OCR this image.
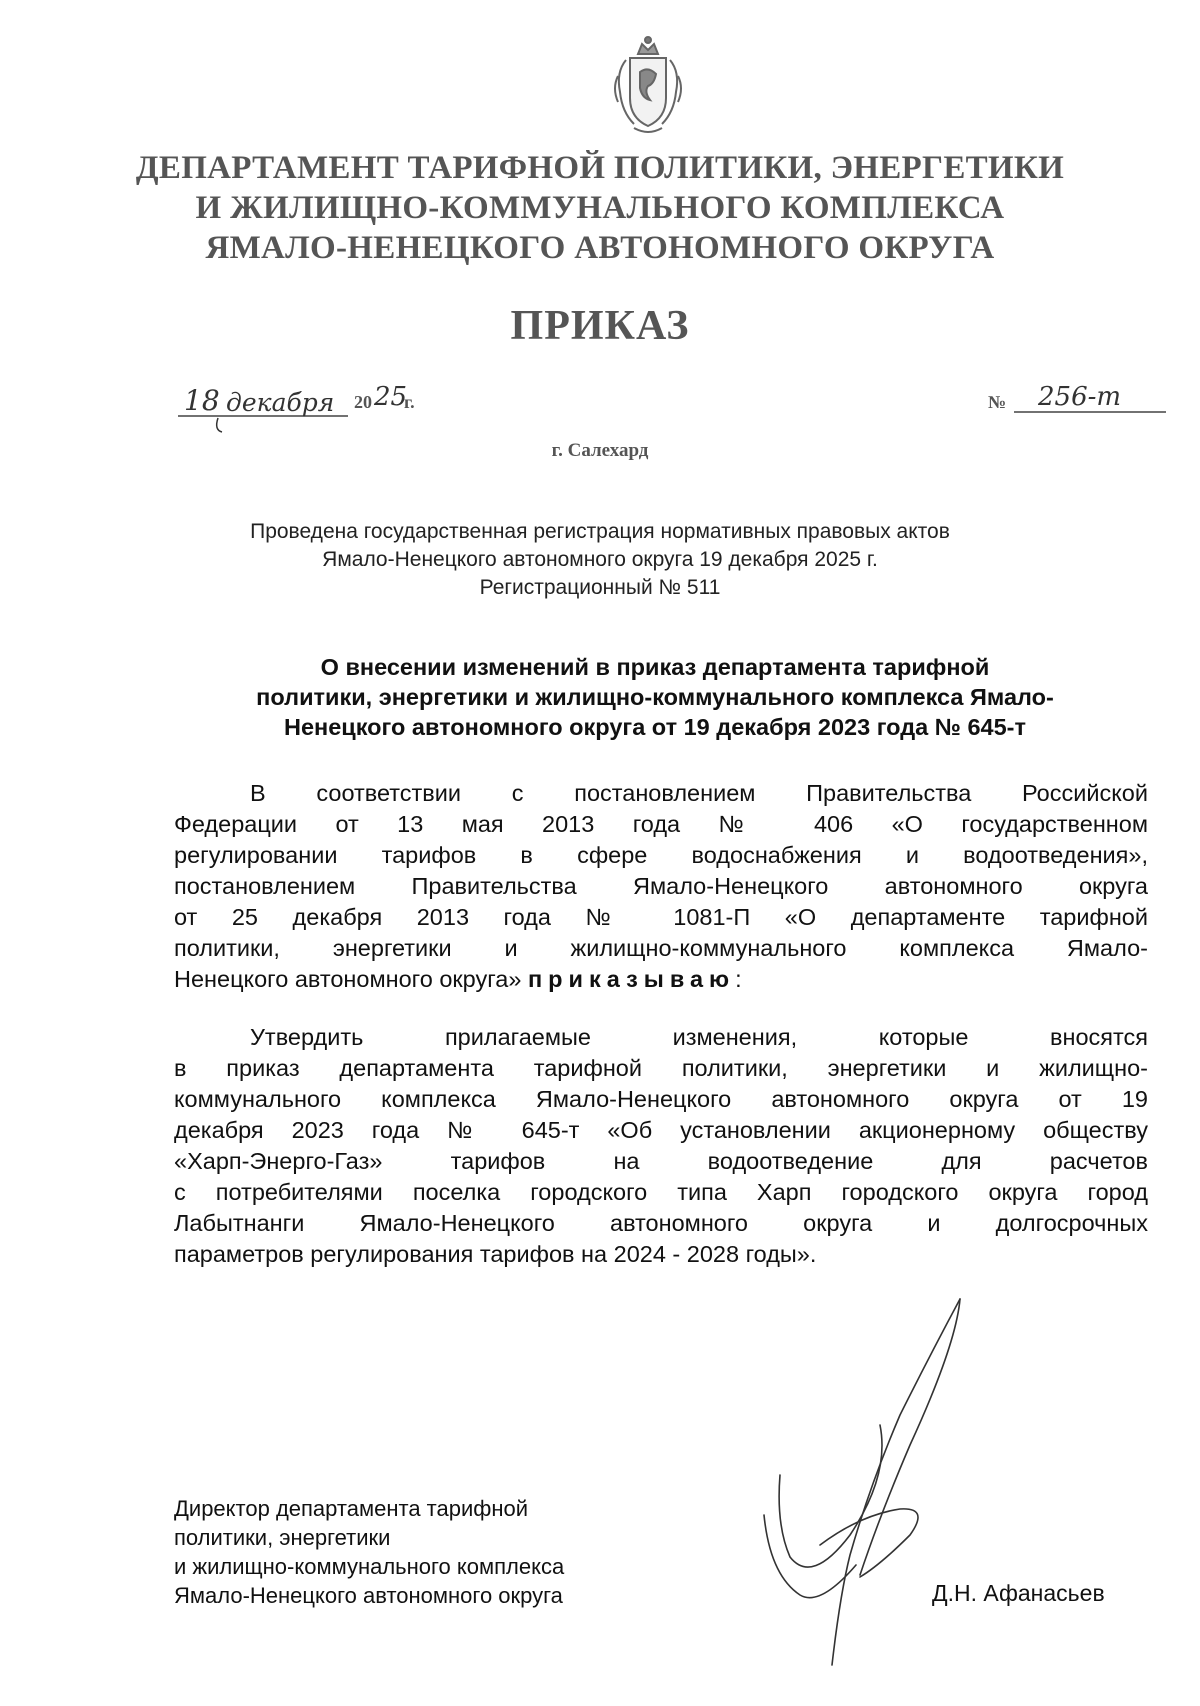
ДЕПАРТАМЕНТ ТАРИФНОЙ ПОЛИТИКИ, ЭНЕРГЕТИКИ
И ЖИЛИЩНО-КОММУНАЛЬНОГО КОМПЛЕКСА
ЯМАЛО-НЕНЕЦКОГО АВТОНОМНОГО ОКРУГА
ПРИКАЗ
18 декабря 20 25
г.	№ 256-т
г. Салехард
Проведена государственная регистрация нормативных правовых актов
Ямало-Ненецкого автономного округа 19 декабря 2025 г.
Регистрационный № 511
О внесении изменений в приказ департамента тарифной
политики, энергетики и жилищно-коммунального комплекса Ямало-
Ненецкого автономного округа от 19 декабря 2023 года № 645-т
В соответствии с постановлением Правительства Российской
Федерации от 13 мая 2013 года № 406 «О государственном
регулировании тарифов в сфере водоснабжения и водоотведения»,
постановлением Правительства Ямало-Ненецкого автономного округа
от 25 декабря 2013 года № 1081-П «О департаменте тарифной
политики, энергетики и жилищно-коммунального комплекса Ямало-
Ненецкого автономного округа» приказываю:
Утвердить прилагаемые изменения, которые вносятся
в приказ департамента тарифной политики, энергетики и жилищно-
коммунального комплекса Ямало-Ненецкого автономного округа от 19
декабря 2023 года № 645-т «Об установлении акционерному обществу
«Харп-Энерго-Газ» тарифов на водоотведение для расчетов
с потребителями поселка городского типа Харп городского округа город
Лабытнанги Ямало-Ненецкого автономного округа и долгосрочных
параметров регулирования тарифов на 2024 - 2028 годы».
Директор департамента тарифной
политики, энергетики
и жилищно-коммунального комплекса
Ямало-Ненецкого автономного округа	Д.Н. Афанасьев
